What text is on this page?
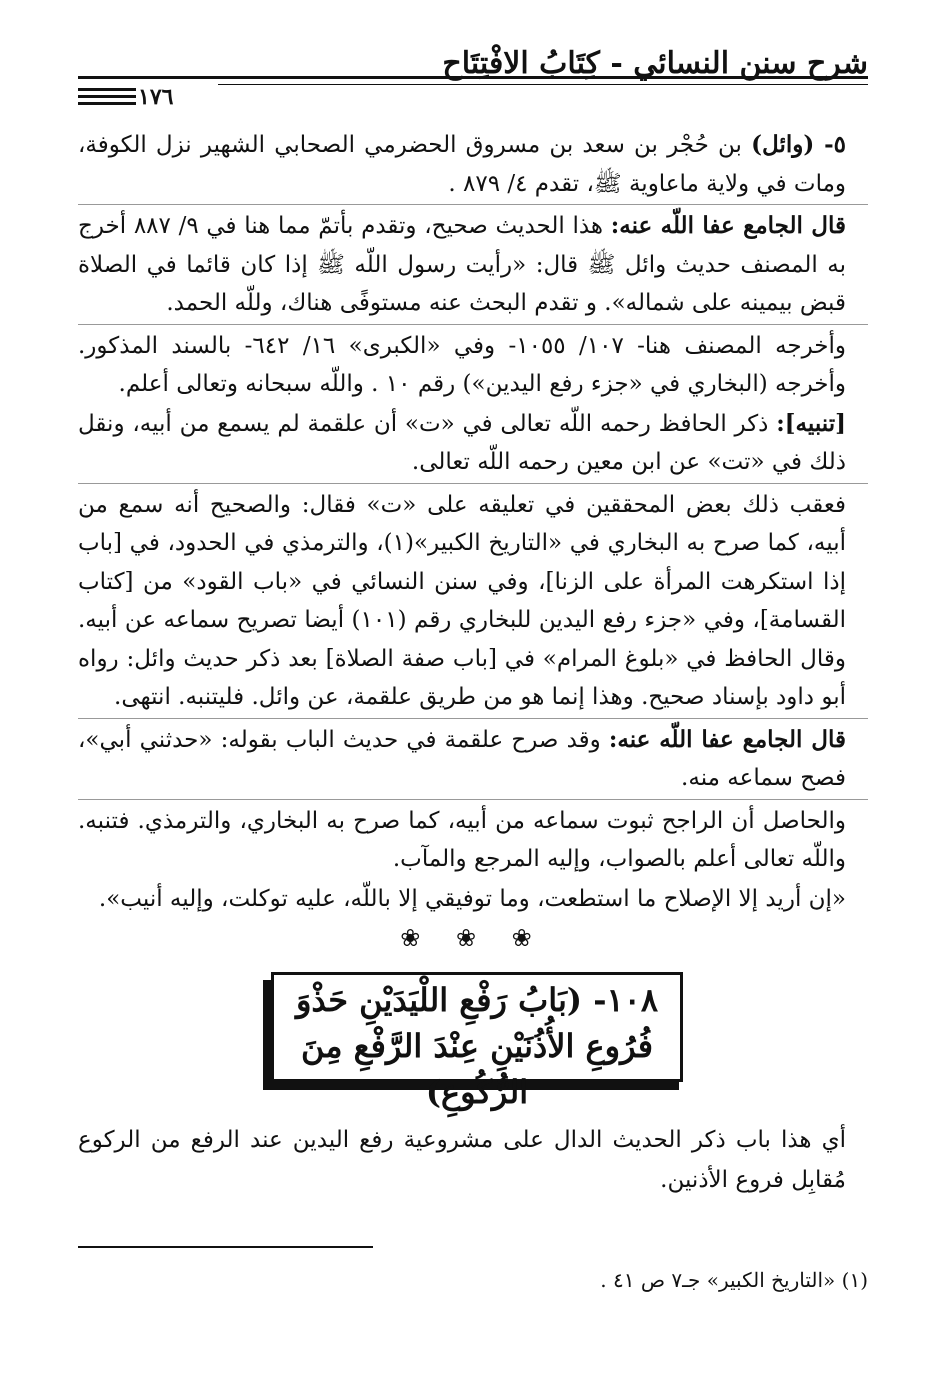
شرح سنن النسائي - كِتَابُ الافْتِتَاح
١٧٦

٥- (وائل) بن حُجْر بن سعد بن مسروق الحضرمي الصحابي الشهير نزل الكوفة، ومات في ولاية ماعاوية ﷺ، تقدم ٤/ ٨٧٩ .

قال الجامع عفا اللّه عنه: هذا الحديث صحيح، وتقدم بأتمّ مما هنا في ٩/ ٨٨٧ أخرج به المصنف حديث وائل ﷺ قال: «رأيت رسول اللّه ﷺ إذا كان قائما في الصلاة قبض بيمينه على شماله». و تقدم البحث عنه مستوفًى هناك، وللّه الحمد.

وأخرجه المصنف هنا- ١٠٧/ ١٠٥٥- وفي «الكبرى» ١٦/ ٦٤٢- بالسند المذكور. وأخرجه (البخاري في «جزء رفع اليدين») رقم ١٠ . واللّه سبحانه وتعالى أعلم.

[تنبيه]: ذكر الحافظ رحمه اللّه تعالى في «ت» أن علقمة لم يسمع من أبيه، ونقل ذلك في «تت» عن ابن معين رحمه اللّه تعالى.

فعقب ذلك بعض المحققين في تعليقه على «ت» فقال: والصحيح أنه سمع من أبيه، كما صرح به البخاري في «التاريخ الكبير»(١)، والترمذي في الحدود، في [باب إذا استكرهت المرأة على الزنا]، وفي سنن النسائي في «باب القود» من [كتاب القسامة]، وفي «جزء رفع اليدين للبخاري رقم (١٠١) أيضا تصريح سماعه عن أبيه. وقال الحافظ في «بلوغ المرام» في [باب صفة الصلاة] بعد ذكر حديث وائل: رواه أبو داود بإسناد صحيح. وهذا إنما هو من طريق علقمة، عن وائل. فليتنبه. انتهى.

قال الجامع عفا اللّه عنه: وقد صرح علقمة في حديث الباب بقوله: «حدثني أبي»، فصح سماعه منه.

والحاصل أن الراجح ثبوت سماعه من أبيه، كما صرح به البخاري، والترمذي. فتنبه. واللّه تعالى أعلم بالصواب، وإليه المرجع والمآب.

«إن أريد إلا الإصلاح ما استطعت، وما توفيقي إلا باللّه، عليه توكلت، وإليه أنيب».

❀ ❀ ❀
١٠٨- (بَابُ رَفْعِ اللْيَدَيْنِ حَذْوَ
فُرُوعِ الأُذُنَيْنِ عِنْدَ الرَّفْعِ مِنَ الرُّكُوعِ)

أي هذا باب ذكر الحديث الدال على مشروعية رفع اليدين عند الرفع من الركوع مُقابِل فروع الأذنين.

(١) «التاريخ الكبير» جـ٧ ص ٤١ .
